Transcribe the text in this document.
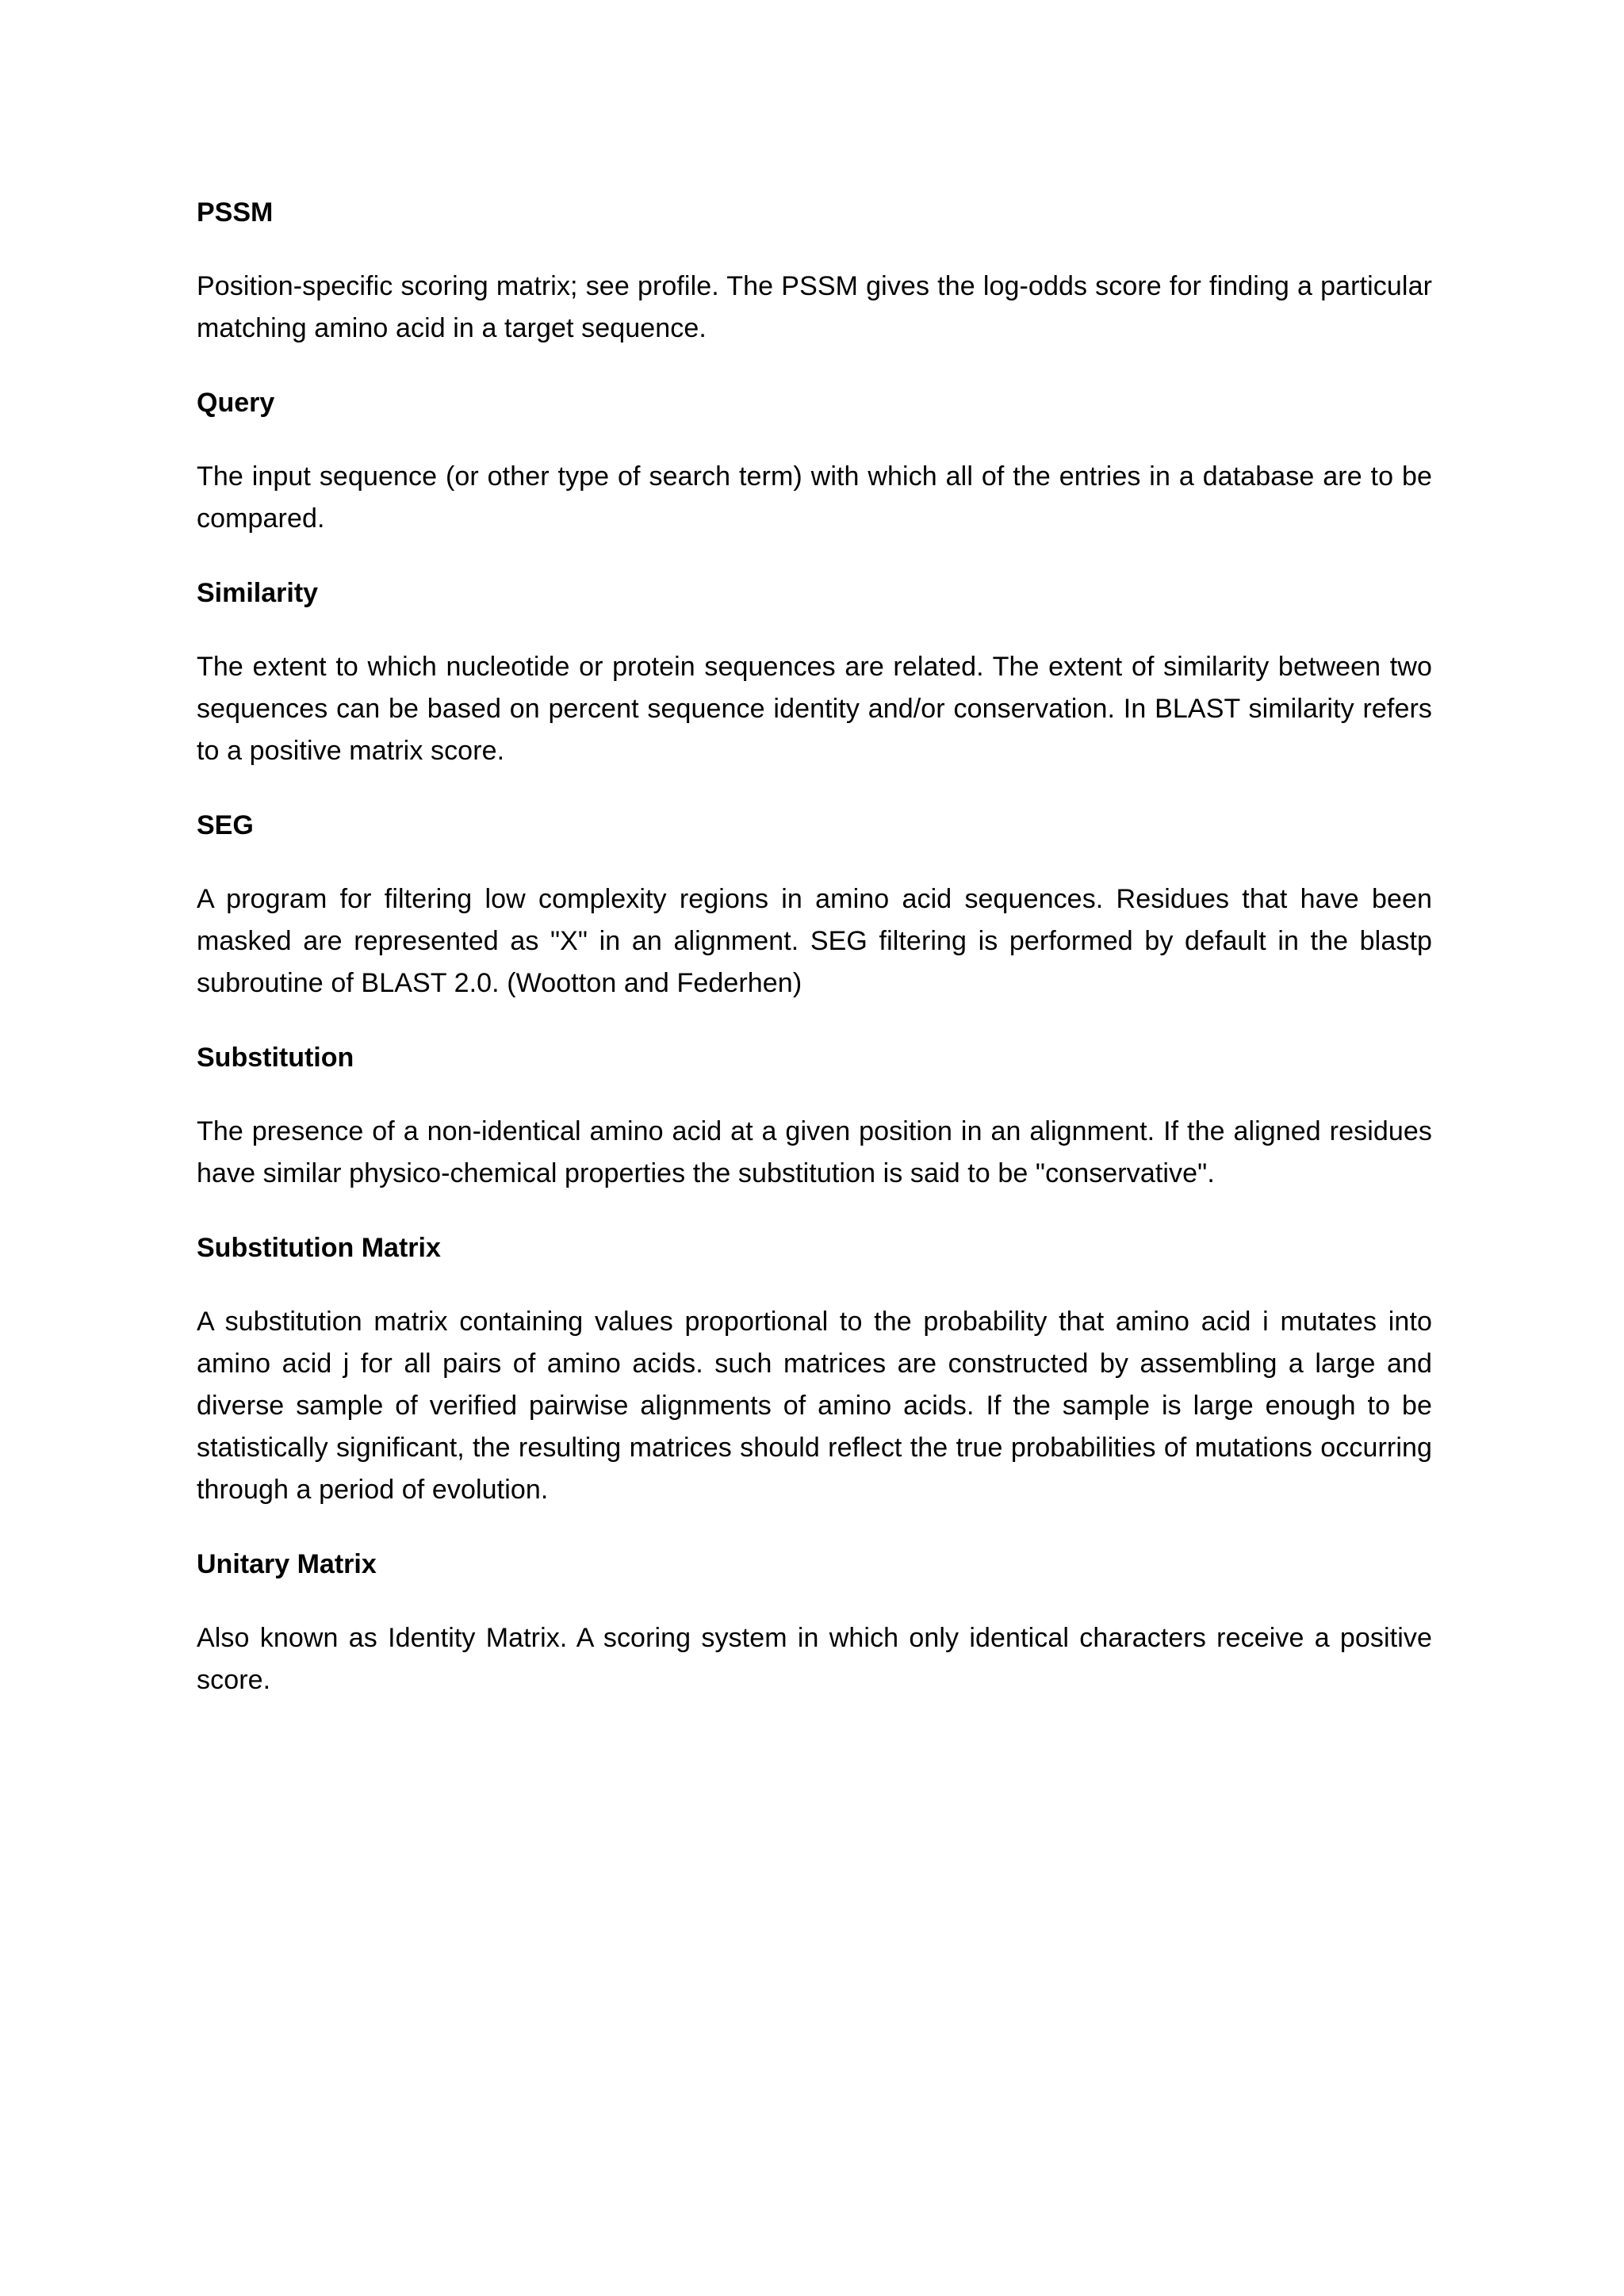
PSSM

Position-specific scoring matrix; see profile. The PSSM gives the log-odds score for finding a particular matching amino acid in a target sequence.

Query

The input sequence (or other type of search term) with which all of the entries in a database are to be compared.

Similarity

The extent to which nucleotide or protein sequences are related. The extent of similarity between two sequences can be based on percent sequence identity and/or conservation. In BLAST similarity refers to a positive matrix score.

SEG

A program for filtering low complexity regions in amino acid sequences. Residues that have been masked are represented as "X" in an alignment. SEG filtering is performed by default in the blastp subroutine of BLAST 2.0. (Wootton and Federhen)

Substitution

The presence of a non-identical amino acid at a given position in an alignment. If the aligned residues have similar physico-chemical properties the substitution is said to be "conservative".

Substitution Matrix

A substitution matrix containing values proportional to the probability that amino acid i mutates into amino acid j for all pairs of amino acids. such matrices are constructed by assembling a large and diverse sample of verified pairwise alignments of amino acids. If the sample is large enough to be statistically significant, the resulting matrices should reflect the true probabilities of mutations occurring through a period of evolution.

Unitary Matrix

Also known as Identity Matrix. A scoring system in which only identical characters receive a positive score.
